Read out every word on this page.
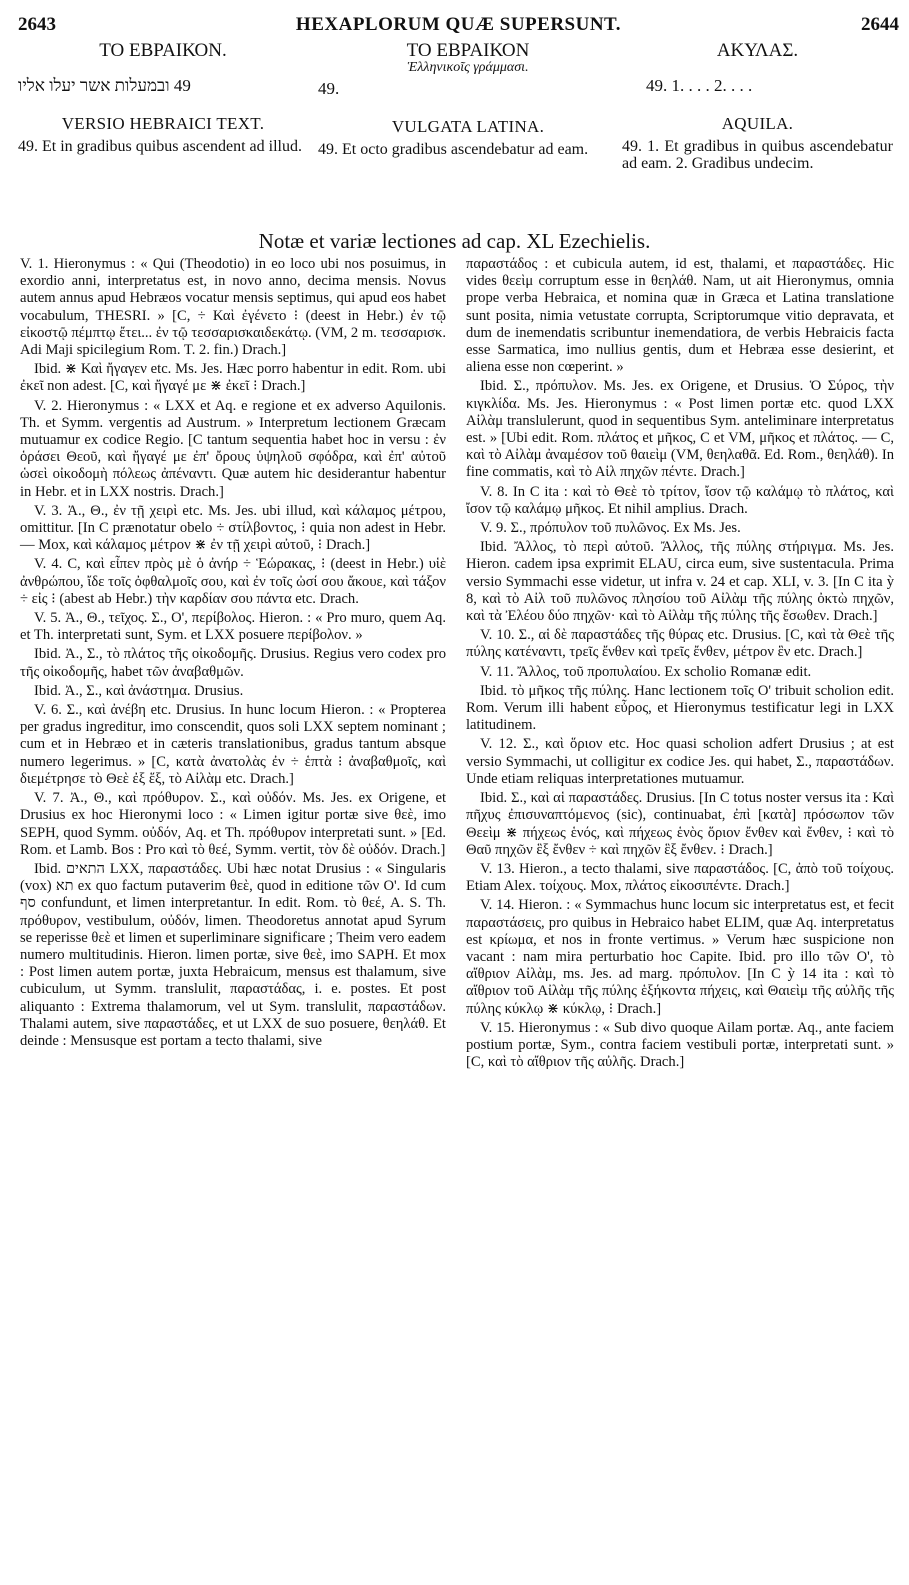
2643	HEXAPLORUM QUÆ SUPERSUNT.	2644
ΤΟ ΕΒΡΑΙΚΟΝ.
49 ובמעלות אשר יעלו אליו
VERSIO HEBRAICI TEXT.
49. Et in gradibus quibus ascendent ad illud.
ΤΟ ΕΒΡΑΙΚΟΝ
Ἑλληνικοῖς γράμμασι.
49.
VULGATA LATINA.
49. Et octo gradibus ascendebatur ad eam.
ΑΚΥΛΑΣ.
49. 1. . . . 2. . . .
AQUILA.
49. 1. Et gradibus in quibus ascendebatur ad eam. 2. Gradibus undecim.
Notæ et variæ lectiones ad cap. XL Ezechielis.

V. 1. Hieronymus : « Qui (Theodotio) in eo loco ubi nos posuimus, in exordio anni, interpretatus est, in novo anno, decima mensis. Novus autem annus apud Hebræos vocatur mensis septimus, qui apud eos habet vocabulum, THESRI. » [C, ÷ Καὶ ἐγένετο ⁝ (deest in Hebr.) ἐν τῷ εἰκοστῷ πέμπτῳ ἔτει... ἐν τῷ τεσσαρισκαιδεκάτῳ. (VM, 2 m. τεσσαρισκ. Adi Maji spicilegium Rom. T. 2. fin.) Drach.]

Ibid. ⋇ Καὶ ἤγαγεν etc. Ms. Jes. Hæc porro habentur in edit. Rom. ubi ἐκεῖ non adest. [C, καὶ ἤγαγέ με ⋇ ἐκεῖ ⁝ Drach.]

V. 2. Hieronymus : « LXX et Aq. e regione et ex adverso Aquilonis. Th. et Symm. vergentis ad Austrum. » Interpretum lectionem Græcam mutuamur ex codice Regio. [C tantum sequentia habet hoc in versu : ἐν ὁράσει Θεοῦ, καὶ ἤγαγέ με ἐπ' ὄρους ὑψηλοῦ σφόδρα, καὶ ἐπ' αὐτοῦ ὡσεὶ οἰκοδομὴ πόλεως ἀπέναντι. Quæ autem hic desiderantur habentur in Hebr. et in LXX nostris. Drach.]

V. 3. Ἀ., Θ., ἐν τῇ χειρὶ etc. Ms. Jes. ubi illud, καὶ κάλαμος μέτρου, omittitur. [In C prænotatur obelo ÷ στίλβοντος, ⁝ quia non adest in Hebr. — Mox, καὶ κάλαμος μέτρον ⋇ ἐν τῇ χειρὶ αὐτοῦ, ⁝ Drach.]

V. 4. C, καὶ εἶπεν πρὸς μὲ ὁ ἀνήρ ÷ Ἑώρακας, ⁝ (deest in Hebr.) υἱὲ ἀνθρώπου, ἴδε τοῖς ὀφθαλμοῖς σου, καὶ ἐν τοῖς ὠσί σου ἄκουε, καὶ τάξον ÷ εἰς ⁝ (abest ab Hebr.) τὴν καρδίαν σου πάντα etc. Drach.

V. 5. Ἀ., Θ., τεῖχος. Σ., Ο', περίβολος. Hieron. : « Pro muro, quem Aq. et Th. interpretati sunt, Sym. et LXX posuere περίβολον. »

Ibid. Ἀ., Σ., τὸ πλάτος τῆς οἰκοδομῆς. Drusius. Regius vero codex pro τῆς οἰκοδομῆς, habet τῶν ἀναβαθμῶν.

Ibid. Ἀ., Σ., καὶ ἀνάστημα. Drusius.

V. 6. Σ., καὶ ἀνέβη etc. Drusius. In hunc locum Hieron. : « Propterea per gradus ingreditur, imo conscendit, quos soli LXX septem nominant ; cum et in Hebræo et in cæteris translationibus, gradus tantum absque numero legerimus. » [C, κατὰ ἀνατολὰς ἐν ÷ ἑπτὰ ⁝ ἀναβαθμοῖς, καὶ διεμέτρησε τὸ Θεὲ ἐξ ἕξ, τὸ Αἰλὰμ etc. Drach.]

V. 7. Ἀ., Θ., καὶ πρόθυρον. Σ., καὶ οὐδόν. Ms. Jes. ex Origene, et Drusius ex hoc Hieronymi loco : « Limen igitur portæ sive θεὲ, imo SEPH, quod Symm. οὐδόν, Aq. et Th. πρόθυρον interpretati sunt. » [Ed. Rom. et Lamb. Bos : Pro καὶ τὸ θεέ, Symm. vertit, τὸν δὲ οὐδόν. Drach.]

Ibid. התאים LXX, παραστάδες. Ubi hæc notat Drusius : « Singularis (vox) תא ex quo factum putaverim θεὲ, quod in editione τῶν Ο'. Id cum סף confundunt, et limen interpretantur. In edit. Rom. τὸ θεέ, A. S. Th. πρόθυρον, vestibulum, οὐδόν, limen. Theodoretus annotat apud Syrum se reperisse θεὲ et limen et superliminare significare ; Theim vero eadem numero multitudinis. Hieron. limen portæ, sive θεὲ, imo SAPH. Et mox : Post limen autem portæ, juxta Hebraicum, mensus est thalamum, sive cubiculum, ut Symm. translulit, παραστάδας, i. e. postes. Et post aliquanto : Extrema thalamorum, vel ut Sym. translulit, παραστάδων. Thalami autem, sive παραστάδες, et ut LXX de suo posuere, θεηλάθ. Et deinde : Mensusque est portam a tecto thalami, sive

παραστάδος : et cubicula autem, id est, thalami, et παραστάδες. Hic vides θεεὶμ corruptum esse in θεηλάθ. Nam, ut ait Hieronymus, omnia prope verba Hebraica, et nomina quæ in Græca et Latina translatione sunt posita, nimia vetustate corrupta, Scriptorumque vitio depravata, et dum de inemendatis scribuntur inemendatiora, de verbis Hebraicis facta esse Sarmatica, imo nullius gentis, dum et Hebræa esse desierint, et aliena esse non cœperint. »

Ibid. Σ., πρόπυλον. Ms. Jes. ex Origene, et Drusius. Ὁ Σύρος, τὴν κιγκλίδα. Ms. Jes. Hieronymus : « Post limen portæ etc. quod LXX Αἰλὰμ translulerunt, quod in sequentibus Sym. anteliminare interpretatus est. » [Ubi edit. Rom. πλάτος et μῆκος, C et VM, μῆκος et πλάτος. — C, καὶ τὸ Αἰλὰμ ἀναμέσον τοῦ θαιεὶμ (VM, θεηλαθᾶ. Ed. Rom., θεηλάθ). In fine commatis, καὶ τὸ Αἰλ πηχῶν πέντε. Drach.]

V. 8. In C ita : καὶ τὸ Θεὲ τὸ τρίτον, ἴσον τῷ καλάμῳ τὸ πλάτος, καὶ ἴσον τῷ καλάμῳ μῆκος. Et nihil amplius. Drach.

V. 9. Σ., πρόπυλον τοῦ πυλῶνος. Ex Ms. Jes.

Ibid. Ἄλλος, τὸ περὶ αὐτοῦ. Ἄλλος, τῆς πύλης στήριγμα. Ms. Jes. Hieron. cadem ipsa exprimit ELAU, circa eum, sive sustentacula. Prima versio Symmachi esse videtur, ut infra v. 24 et cap. XLI, v. 3. [In C ita ỳ 8, καὶ τὸ Αἰλ τοῦ πυλῶνος πλησίου τοῦ Αἰλὰμ τῆς πύλης ὀκτὼ πηχῶν, καὶ τὰ Ἐλέου δύο πηχῶν· καὶ τὸ Αἰλὰμ τῆς πύλης τῆς ἔσωθεν. Drach.]

V. 10. Σ., αἱ δὲ παραστάδες τῆς θύρας etc. Drusius. [C, καὶ τὰ Θεὲ τῆς πύλης κατέναντι, τρεῖς ἔνθεν καὶ τρεῖς ἔνθεν, μέτρον ἓν etc. Drach.]

V. 11. Ἄλλος, τοῦ προπυλαίου. Ex scholio Romanæ edit.

Ibid. τὸ μῆκος τῆς πύλης. Hanc lectionem τοῖς Ο' tribuit scholion edit. Rom. Verum illi habent εὖρος, et Hieronymus testificatur legi in LXX latitudinem.

V. 12. Σ., καὶ ὅριον etc. Hoc quasi scholion adfert Drusius ; at est versio Symmachi, ut colligitur ex codice Jes. qui habet, Σ., παραστάδων. Unde etiam reliquas interpretationes mutuamur.

Ibid. Σ., καὶ αἱ παραστάδες. Drusius. [In C totus noster versus ita : Καὶ πῆχυς ἐπισυναπτόμενος (sic), continuabat, ἐπὶ [κατὰ] πρόσωπον τῶν Θεεὶμ ⋇ πήχεως ἑνός, καὶ πήχεως ἑνὸς ὅριον ἔνθεν καὶ ἔνθεν, ⁝ καὶ τὸ Θαῦ πηχῶν ἓξ ἔνθεν ÷ καὶ πηχῶν ἓξ ἔνθεν. ⁝ Drach.]

V. 13. Hieron., a tecto thalami, sive παραστάδος. [C, ἀπὸ τοῦ τοίχους. Etiam Alex. τοίχους. Mox, πλάτος εἰκοσιπέντε. Drach.]

V. 14. Hieron. : « Symmachus hunc locum sic interpretatus est, et fecit παραστάσεις, pro quibus in Hebraico habet ELIM, quæ Aq. interpretatus est κρίωμα, et nos in fronte vertimus. » Verum hæc suspicione non vacant : nam mira perturbatio hoc Capite. Ibid. pro illo τῶν Ο', τὸ αἴθριον Αἰλὰμ, ms. Jes. ad marg. πρόπυλον. [In C ỳ 14 ita : καὶ τὸ αἴθριον τοῦ Αἰλὰμ τῆς πύλης ἑξήκοντα πήχεις, καὶ Θαιεὶμ τῆς αὐλῆς τῆς πύλης κύκλῳ ⋇ κύκλῳ, ⁝ Drach.]

V. 15. Hieronymus : « Sub divo quoque Ailam portæ. Aq., ante faciem postium portæ, Sym., contra faciem vestibuli portæ, interpretati sunt. » [C, καὶ τὸ αἴθριον τῆς αὐλῆς. Drach.]
